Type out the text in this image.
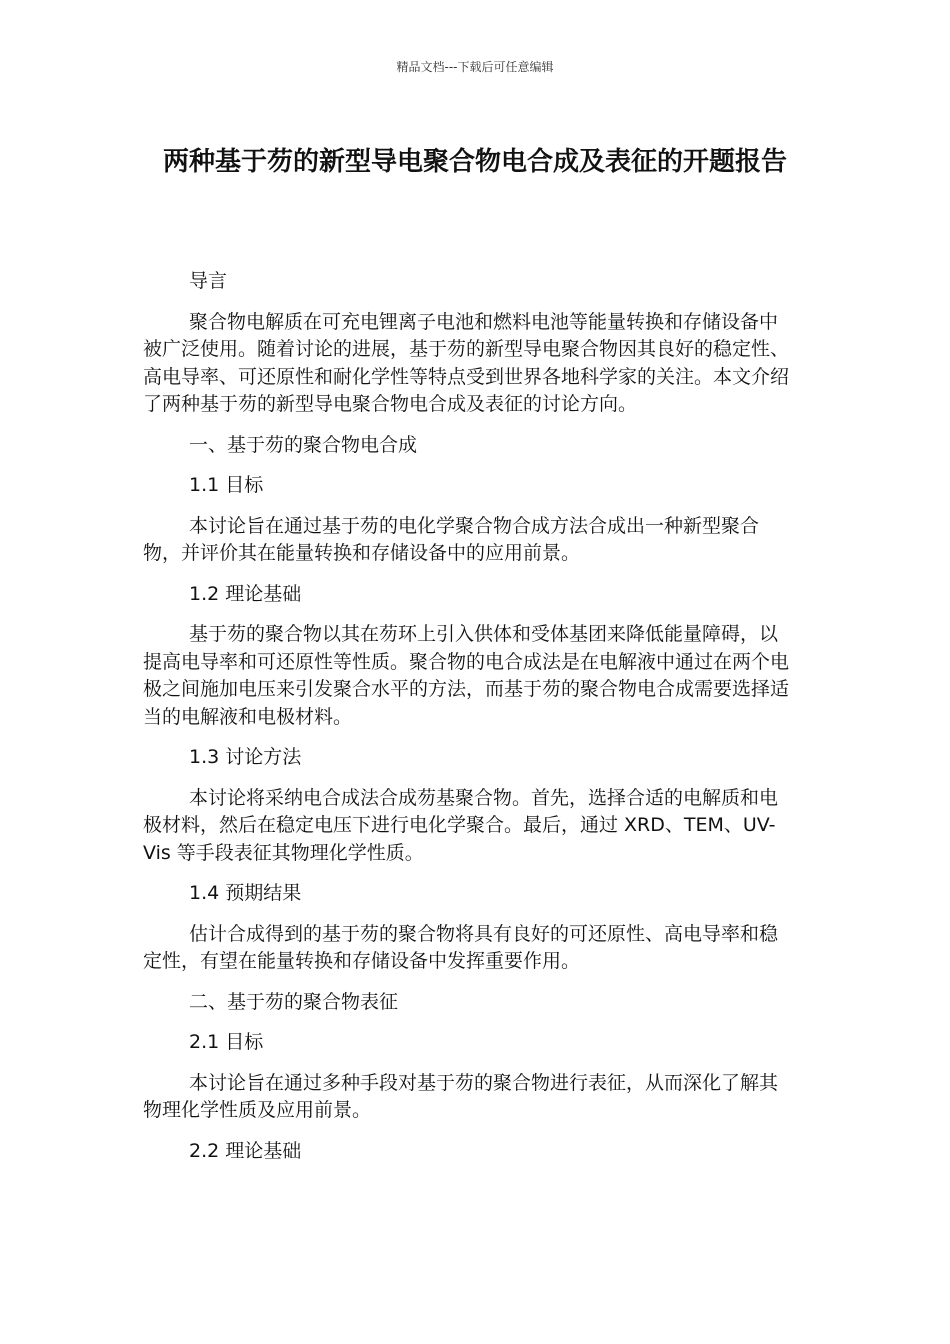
精品文档---下载后可任意编辑
两种基于芴的新型导电聚合物电合成及表征的开题报告

导言

聚合物电解质在可充电锂离子电池和燃料电池等能量转换和存储设备中被广泛使用。随着讨论的进展，基于芴的新型导电聚合物因其良好的稳定性、高电导率、可还原性和耐化学性等特点受到世界各地科学家的关注。本文介绍了两种基于芴的新型导电聚合物电合成及表征的讨论方向。

一、基于芴的聚合物电合成

1.1 目标

本讨论旨在通过基于芴的电化学聚合物合成方法合成出一种新型聚合物，并评价其在能量转换和存储设备中的应用前景。

1.2 理论基础

基于芴的聚合物以其在芴环上引入供体和受体基团来降低能量障碍，以提高电导率和可还原性等性质。聚合物的电合成法是在电解液中通过在两个电极之间施加电压来引发聚合水平的方法，而基于芴的聚合物电合成需要选择适当的电解液和电极材料。

1.3 讨论方法

本讨论将采纳电合成法合成芴基聚合物。首先，选择合适的电解质和电极材料，然后在稳定电压下进行电化学聚合。最后，通过 XRD、TEM、UV-Vis 等手段表征其物理化学性质。

1.4 预期结果

估计合成得到的基于芴的聚合物将具有良好的可还原性、高电导率和稳定性，有望在能量转换和存储设备中发挥重要作用。

二、基于芴的聚合物表征

2.1 目标

本讨论旨在通过多种手段对基于芴的聚合物进行表征，从而深化了解其物理化学性质及应用前景。

2.2 理论基础
